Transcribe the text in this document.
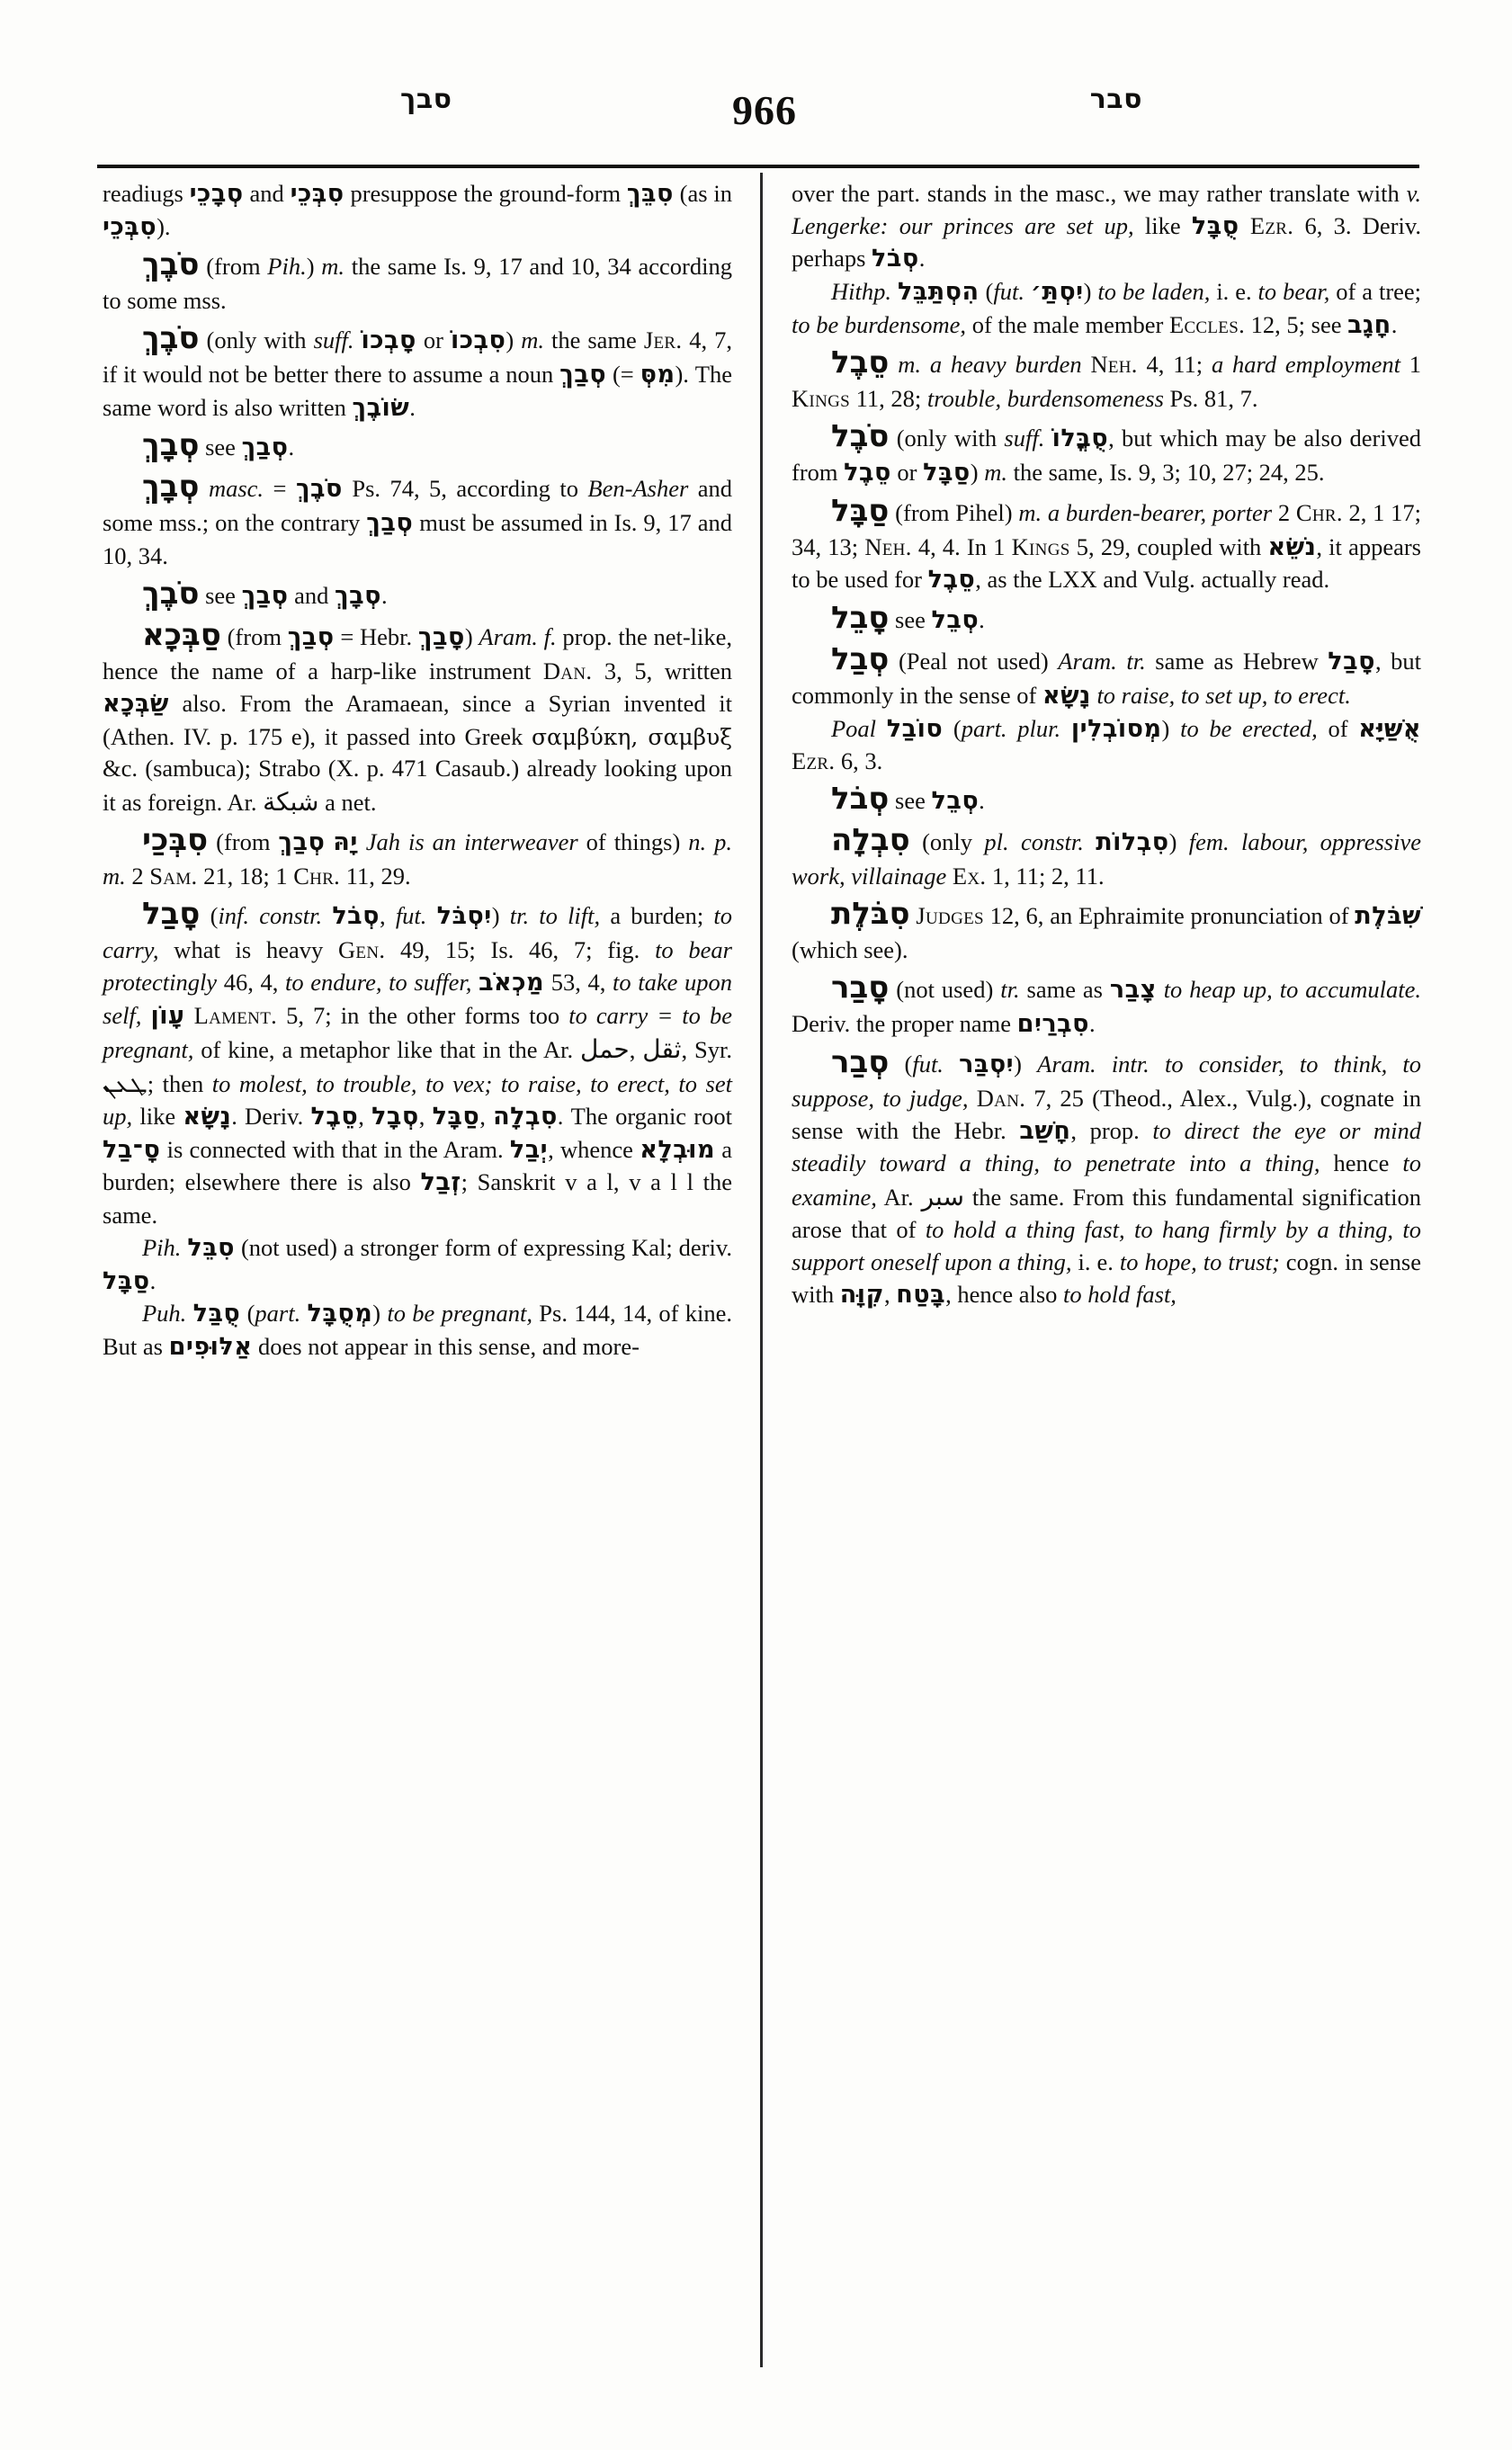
סבך	966	סבר

readiugs סְבָכֵי and סִבְּכֵי presuppose the ground-form סִבֵּךְ (as in סִבְּכֵי).

סֹבֶךְ (from Pih.) m. the same Is. 9, 17 and 10, 34 according to some mss.

סֹבֶךְ (only with suff. סָבְכוֹ or סִבְכוֹ) m. the same Jer. 4, 7, if it would not be better there to assume a noun סְבַךְ (= מִסְּ). The same word is also written שׂוֹבֶךְ.

סְבָךְ see סְבַךְ.

סְבָךְ masc. = סֹבֶךְ Ps. 74, 5, according to Ben-Asher and some mss.; on the contrary סְבַךְ must be assumed in Is. 9, 17 and 10, 34.

סֹבֶךְ see סְבַךְ and סְבָךְ.

סַבְּכָא (from סְבַךְ = Hebr. סָבַךְ) Aram. f. prop. the net-like, hence the name of a harp-like instrument Dan. 3, 5, written שַׂבְּכָא also. From the Aramaean, since a Syrian invented it (Athen. IV. p. 175 e), it passed into Greek σαμβύκη, σαμβυξ &c. (sambuca); Strabo (X. p. 471 Casaub.) already looking upon it as foreign. Ar. شبكة a net.

סִבְּכַי (from סְבַךְ יָהּ Jah is an interweaver of things) n. p. m. 2 Sam. 21, 18; 1 Chr. 11, 29.

סָבַל (inf. constr. סְבֹל, fut. יִסְבֹּל) tr. to lift, a burden; to carry, what is heavy Gen. 49, 15; Is. 46, 7; fig. to bear protectingly 46, 4, to endure, to suffer, מַכְאֹב 53, 4, to take upon self, עָוֹן Lament. 5, 7; in the other forms too to carry = to be pregnant, of kine, a metaphor like that in the Ar. حمل, ثقل, Syr. ܛܥܢ; then to molest, to trouble, to vex; to raise, to erect, to set up, like נָשָׂא. Deriv. סֵבֶל, סְבָל, סַבָּל, סִבְלָה. The organic root סָ־בַל is connected with that in the Aram. יְבַל, whence מוּבְלָא a burden; elsewhere there is also זְבַל; Sanskrit v a l, v a l l the same.

Pih. סִבֵּל (not used) a stronger form of expressing Kal; deriv. סַבָּל.

Puh. סֻבַּל (part. מְסֻבָּל) to be pregnant, Ps. 144, 14, of kine. But as אַלּוּפִים does not appear in this sense, and more-

over the part. stands in the masc., we may rather translate with v. Lengerke: our princes are set up, like סֻבָּל Ezr. 6, 3. Deriv. perhaps סְבֹל.

Hithp. הִסְתַּבֵּל (fut. יִסְתַּ׳) to be laden, i. e. to bear, of a tree; to be burdensome, of the male member Eccles. 12, 5; see חָגָב.

סֵבֶל m. a heavy burden Neh. 4, 11; a hard employment 1 Kings 11, 28; trouble, burdensomeness Ps. 81, 7.

סֹבֶל (only with suff. סֻבֳּלוֹ, but which may be also derived from סֵבֶל or סַבָּל) m. the same, Is. 9, 3; 10, 27; 24, 25.

סַבָּל (from Pihel) m. a burden-bearer, porter 2 Chr. 2, 1 17; 34, 13; Neh. 4, 4. In 1 Kings 5, 29, coupled with נֹשֵׂא, it appears to be used for סֵבֶל, as the LXX and Vulg. actually read.

סָבֵל see סְבֵל.

סְבַל (Peal not used) Aram. tr. same as Hebrew סָבַל, but commonly in the sense of נָשָׂא to raise, to set up, to erect.

Poal סוֹבַל (part. plur. מְסוֹבְלִין) to be erected, of אֻשַּׁיָּא Ezr. 6, 3.

סְבֹל see סְבֵל.

סִבְלָה (only pl. constr. סִבְלוֹת) fem. labour, oppressive work, villainage Ex. 1, 11; 2, 11.

סִבֹּלֶת Judges 12, 6, an Ephraimite pronunciation of שִׁבֹּלֶת (which see).

סָבַר (not used) tr. same as צָבַר to heap up, to accumulate. Deriv. the proper name סִבְרַיִם.

סְבַר (fut. יִסְבַּר) Aram. intr. to consider, to think, to suppose, to judge, Dan. 7, 25 (Theod., Alex., Vulg.), cognate in sense with the Hebr. חָשַׁב, prop. to direct the eye or mind steadily toward a thing, to penetrate into a thing, hence to examine, Ar. سبر the same. From this fundamental signification arose that of to hold a thing fast, to hang firmly by a thing, to support oneself upon a thing, i. e. to hope, to trust; cogn. in sense with קִוָּה, בָּטַח, hence also to hold fast,
